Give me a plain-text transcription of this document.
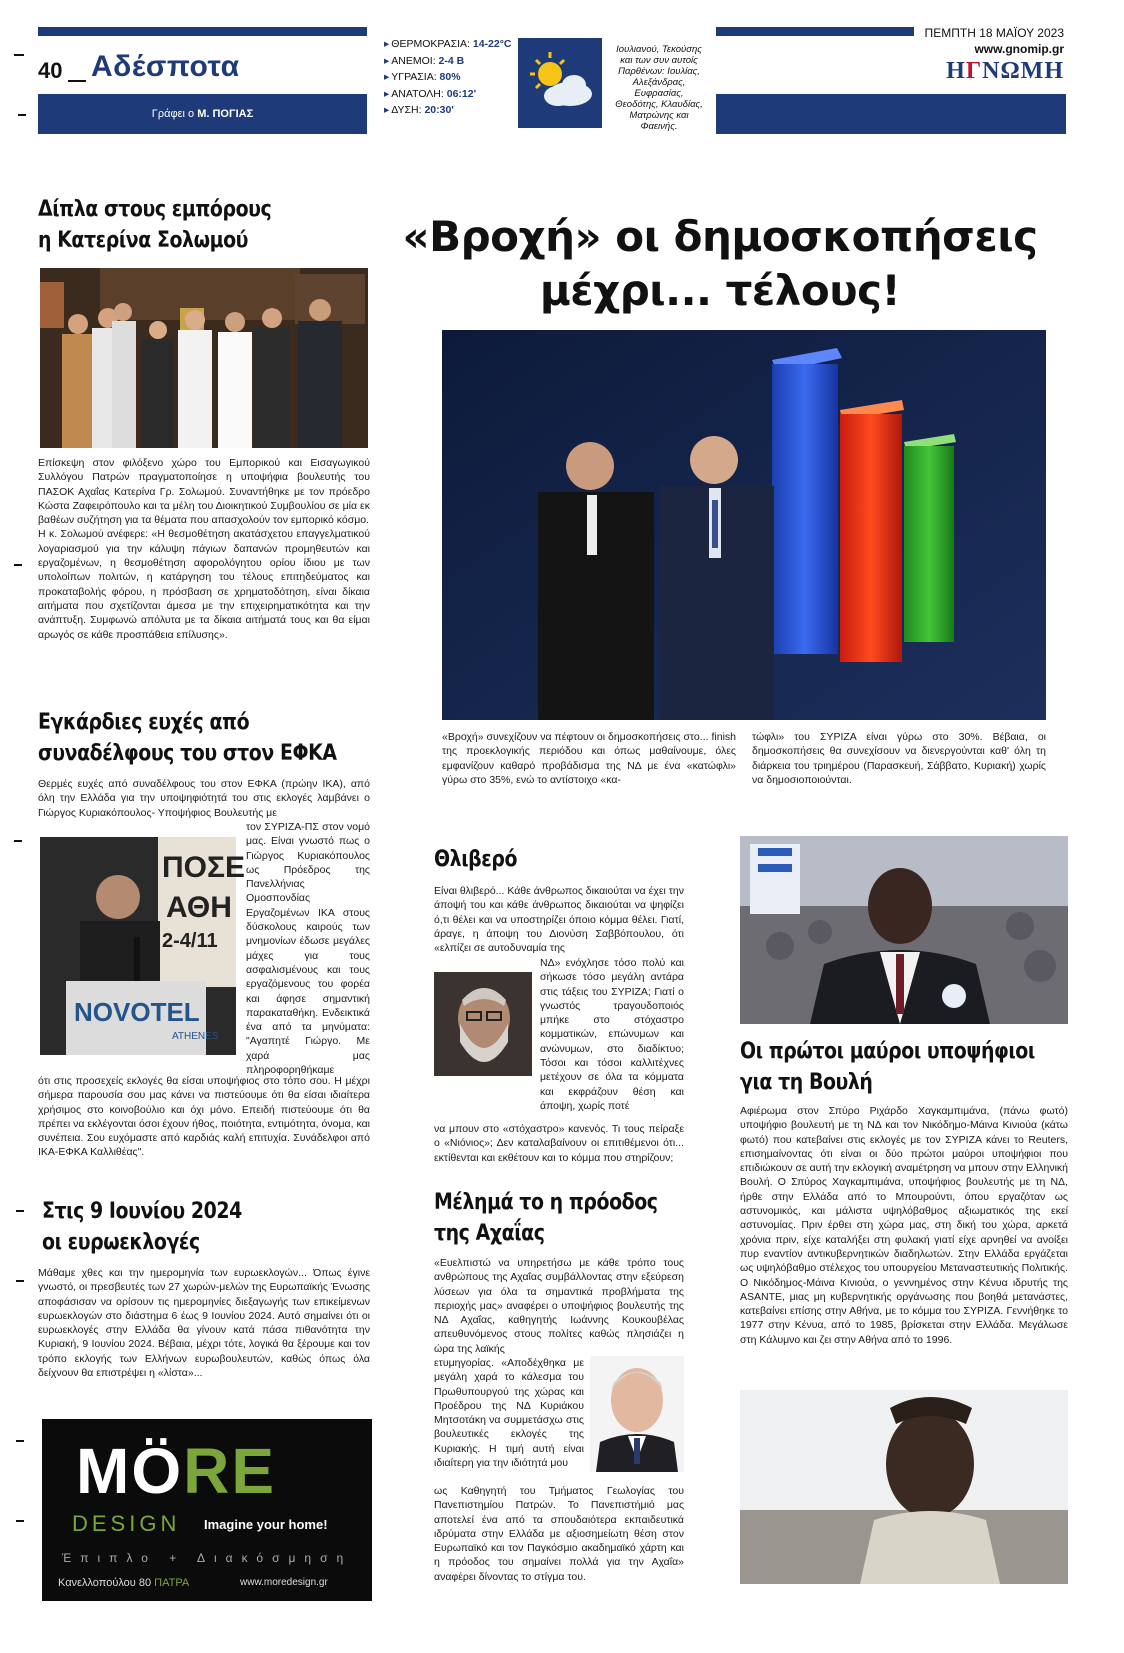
40 Αδέσποτα
Γράφει ο Μ. ΠΟΓΙΑΣ
▸ ΘΕΡΜΟΚΡΑΣΙΑ: 14-22°C
▸ ΑΝΕΜΟΙ: 2-4 Β
▸ ΥΓΡΑΣΙΑ: 80%
▸ ΑΝΑΤΟΛΗ: 06:12'
▸ ΔΥΣΗ: 20:30'
Ιουλιανού, Τεκούσης και των συν αυτοίς Παρθένων: Ιουλίας, Αλεξάνδρας, Ευφρασίας, Θεοδότης, Κλαυδίας, Ματρώνης και Φαεινής.
ΠΕΜΠΤΗ 18 ΜΑΪΟΥ 2023
www.gnomip.gr
ΗΓΝΩΜΗ
Δίπλα στους εμπόρους
η Κατερίνα Σολωμού

Επίσκεψη στον φιλόξενο χώρο του Εμπορικού και Εισαγωγικού Συλλόγου Πατρών πραγματοποίησε η υποψήφια βουλευτής του ΠΑΣΟΚ Αχαΐας Κατερίνα Γρ. Σολωμού. Συναντήθηκε με τον πρόεδρο Κώστα Ζαφειρόπουλο και τα μέλη του Διοικητικού Συμβουλίου σε μία εκ βαθέων συζήτηση για τα θέματα που απασχολούν τον εμπορικό κόσμο.

Η κ. Σολωμού ανέφερε: «Η θεσμοθέτηση ακατάσχετου επαγγελματικού λογαριασμού για την κάλυψη πάγιων δαπανών προμηθευτών και εργαζομένων, η θεσμοθέτηση αφορολόγητου ορίου ίδιου με των υπολοίπων πολιτών, η κατάργηση του τέλους επιτηδεύματος και προκαταβολής φόρου, η πρόσβαση σε χρηματοδότηση, είναι δίκαια αιτήματα που σχετίζονται άμεσα με την επιχειρηματικότητα και την ανάπτυξη. Συμφωνώ απόλυτα με τα δίκαια αιτήματά τους και θα είμαι αρωγός σε κάθε προσπάθεια επίλυσης».

Εγκάρδιες ευχές από
συναδέλφους του στον ΕΦΚΑ
Θερμές ευχές από συναδέλφους του στον ΕΦΚΑ (πρώην ΙΚΑ), από όλη την Ελλάδα για την υποψηφιότητά του στις εκλογές λαμβάνει ο Γιώργος Κυριακόπουλος- Υποψήφιος Βουλευτής με
ΠΟΣΕ
ΑΘΗ
2-4/11
NOVOTEL
ATHENES
τον ΣΥΡΙΖΑ-ΠΣ στον νομό μας. Είναι γνωστό πως ο Γιώργος Κυριακόπουλος ως Πρόεδρος της Πανελλήνιας Ομοσπονδίας Εργαζομένων ΙΚΑ στους δύσκολους καιρούς των μνημονίων έδωσε μεγάλες μάχες για τους ασφαλισμένους και τους εργαζόμενους του φορέα και άφησε σημαντική παρακαταθήκη. Ενδεικτικά ένα από τα μηνύματα: "Αγαπητέ Γιώργο. Με χαρά μας πληροφορηθήκαμε
ότι στις προσεχείς εκλογές θα είσαι υποψήφιος στο τόπο σου. Η μέχρι σήμερα παρουσία σου μας κάνει να πιστεύουμε ότι θα είσαι ιδιαίτερα χρήσιμος στο κοινοβούλιο και όχι μόνο. Επειδή πιστεύουμε ότι θα πρέπει να εκλέγονται όσοι έχουν ήθος, ποιότητα, εντιμότητα, όνομα, και συνέπεια. Σου ευχόμαστε από καρδιάς καλή επιτυχία. Συνάδελφοι από ΙΚΑ-ΕΦΚΑ Καλλιθέας".
Στις 9 Ιουνίου 2024
οι ευρωεκλογές
Μάθαμε χθες και την ημερομηνία των ευρωεκλογών... Όπως έγινε γνωστό, οι πρεσβευτές των 27 χωρών-μελών της Ευρωπαϊκής Ένωσης αποφάσισαν να ορίσουν τις ημερομηνίες διεξαγωγής των επικείμενων ευρωεκλογών στο διάστημα 6 έως 9 Ιουνίου 2024. Αυτό σημαίνει ότι οι ευρωεκλογές στην Ελλάδα θα γίνουν κατά πάσα πιθανότητα την Κυριακή, 9 Ιουνίου 2024. Βέβαια, μέχρι τότε, λογικά θα ξέρουμε και τον τρόπο εκλογής των Ελλήνων ευρωβουλευτών, καθώς όπως όλα δείχνουν θα επιστρέψει η «λίστα»...
MÖRE
DESIGN Imagine your home!
Έπιπλο + Διακόσμηση
Κανελλοπούλου 80 ΠΑΤΡΑ	www.moredesign.gr
«Βροχή» οι δημοσκοπήσεις
μέχρι... τέλους!
«Βροχή» συνεχίζουν να πέφτουν οι δημοσκοπήσεις στο... finish της προεκλογικής περιόδου και όπως μαθαίνουμε, όλες εμφανίζουν καθαρό προβάδισμα της ΝΔ με ένα «κατώφλι» γύρω στο 35%, ενώ το αντίστοιχο «κα-
τώφλι» του ΣΥΡΙΖΑ είναι γύρω στο 30%. Βέβαια, οι δημοσκοπήσεις θα συνεχίσουν να διενεργούνται καθ' όλη τη διάρκεια του τριημέρου (Παρασκευή, Σάββατο, Κυριακή) χωρίς να δημοσιοποιούνται.
Θλιβερό
Είναι θλιβερό... Κάθε άνθρωπος δικαιούται να έχει την άποψή του και κάθε άνθρωπος δικαιούται να ψηφίζει ό,τι θέλει και να υποστηρίζει όποιο κόμμα θέλει. Γιατί, άραγε, η άποψη του Διονύση Σαββόπουλου, ότι «ελπίζει σε αυτοδυναμία της
ΝΔ» ενόχλησε τόσο πολύ και σήκωσε τόσο μεγάλη αντάρα στις τάξεις του ΣΥΡΙΖΑ; Γιατί ο γνωστός τραγουδοποιός μπήκε στο στόχαστρο κομματικών, επώνυμων και ανώνυμων, στο διαδίκτυο; Τόσοι και τόσοι καλλιτέχνες μετέχουν σε όλα τα κόμματα και εκφράζουν θέση και άποψη, χωρίς ποτέ
να μπουν στο «στόχαστρο» κανενός. Τι τους πείραξε ο «Νιόνιος»; Δεν καταλαβαίνουν οι επιτιθέμενοι ότι... εκτίθενται και εκθέτουν και το κόμμα που στηρίζουν;
Μέλημά το η πρόοδος
της Αχαΐας
«Ευελπιστώ να υπηρετήσω με κάθε τρόπο τους ανθρώπους της Αχαΐας συμβάλλοντας στην εξεύρεση λύσεων για όλα τα σημαντικά προβλήματα της περιοχής μας» αναφέρει ο υποψήφιος βουλευτής της ΝΔ Αχαΐας, καθηγητής Ιωάννης Κουκουβέλας απευθυνόμενος στους πολίτες καθώς πλησιάζει η ώρα της λαϊκής
ετυμηγορίας. «Αποδέχθηκα με μεγάλη χαρά το κάλεσμα του Πρωθυπουργού της χώρας και Προέδρου της ΝΔ Κυριάκου Μητσοτάκη να συμμετάσχω στις βουλευτικές εκλογές της Κυριακής. Η τιμή αυτή είναι ιδιαίτερη για την ιδιότητά μου
ως Καθηγητή του Τμήματος Γεωλογίας του Πανεπιστημίου Πατρών. Το Πανεπιστήμιό μας αποτελεί ένα από τα σπουδαιότερα εκπαιδευτικά ιδρύματα στην Ελλάδα με αξιοσημείωτη θέση στον Ευρωπαϊκό και τον Παγκόσμιο ακαδημαϊκό χάρτη και η πρόοδος του σημαίνει πολλά για την Αχαΐα» αναφέρει δίνοντας το στίγμα του.
Οι πρώτοι μαύροι υποψήφιοι
για τη Βουλή
Αφιέρωμα στον Σπύρο Ριχάρδο Χαγκαμπιμάνα, (πάνω φωτό) υποψήφιο βουλευτή με τη ΝΔ και τον Νικόδημο-Μάινα Κινιούα (κάτω φωτό) που κατεβαίνει στις εκλογές με τον ΣΥΡΙΖΑ κάνει το Reuters, επισημαίνοντας ότι είναι οι δύο πρώτοι μαύροι υποψήφιοι που επιδιώκουν σε αυτή την εκλογική αναμέτρηση να μπουν στην Ελληνική Βουλή. Ο Σπύρος Χαγκαμπιμάνα, υποψήφιος βουλευτής με τη ΝΔ, ήρθε στην Ελλάδα από το Μπουρούντι, όπου εργαζόταν ως αστυνομικός, και μάλιστα υψηλόβαθμος αξιωματικός της εκεί αστυνομίας. Πριν έρθει στη χώρα μας, στη δική του χώρα, αρκετά χρόνια πριν, είχε καταλήξει στη φυλακή γιατί είχε αρνηθεί να ανοίξει πυρ εναντίον αντικυβερνητικών διαδηλωτών. Στην Ελλάδα εργάζεται ως υψηλόβαθμο στέλεχος του υπουργείου Μεταναστευτικής Πολιτικής. Ο Νικόδημος-Μάινα Κινιούα, ο γεννημένος στην Κένυα ιδρυτής της ASANTE, μιας μη κυβερνητικής οργάνωσης που βοηθά μετανάστες, κατεβαίνει επίσης στην Αθήνα, με το κόμμα του ΣΥΡΙΖΑ. Γεννήθηκε το 1977 στην Κένυα, από το 1985, βρίσκεται στην Ελλάδα. Μεγάλωσε στη Κάλυμνο και ζει στην Αθήνα από το 1996.
